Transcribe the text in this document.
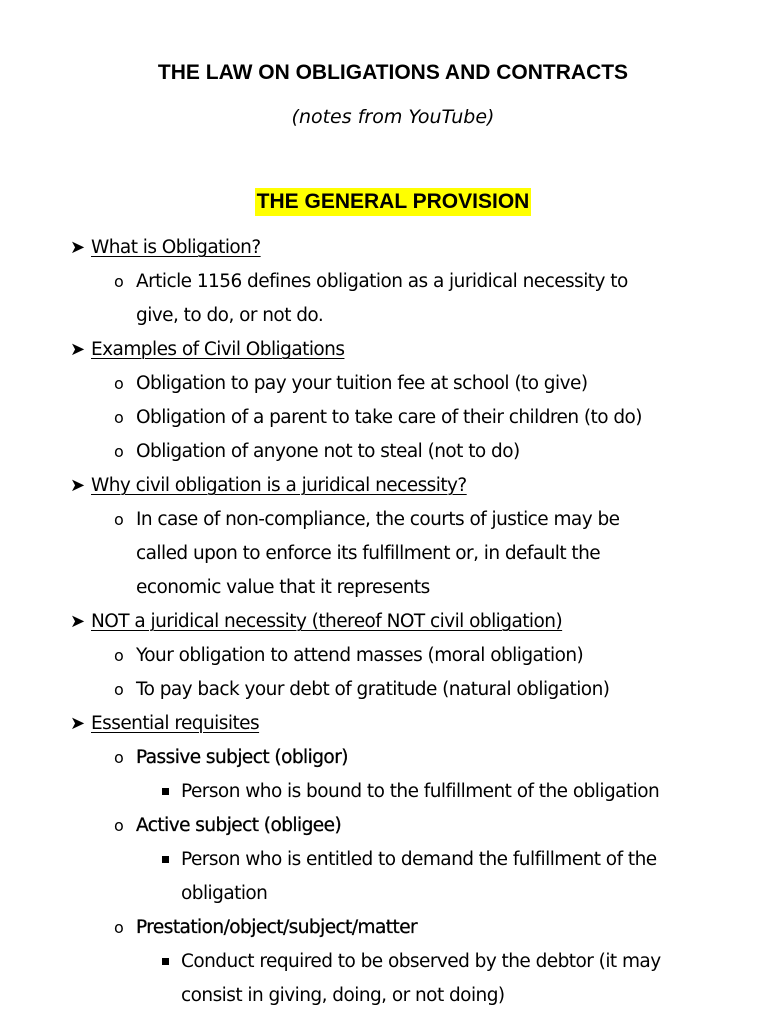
THE LAW ON OBLIGATIONS AND CONTRACTS
(notes from YouTube)
THE GENERAL PROVISION
➤ What is Obligation?
o Article 1156 defines obligation as a juridical necessity to
give, to do, or not do.
➤ Examples of Civil Obligations
o Obligation to pay your tuition fee at school (to give)
o Obligation of a parent to take care of their children (to do)
o Obligation of anyone not to steal (not to do)
➤ Why civil obligation is a juridical necessity?
o In case of non-compliance, the courts of justice may be
called upon to enforce its fulfillment or, in default the
economic value that it represents
➤ NOT a juridical necessity (thereof NOT civil obligation)
o Your obligation to attend masses (moral obligation)
o To pay back your debt of gratitude (natural obligation)
➤ Essential requisites
o Passive subject (obligor)
Person who is bound to the fulfillment of the obligation
o Active subject (obligee)
Person who is entitled to demand the fulfillment of the
obligation
o Prestation/object/subject/matter
Conduct required to be observed by the debtor (it may
consist in giving, doing, or not doing)
